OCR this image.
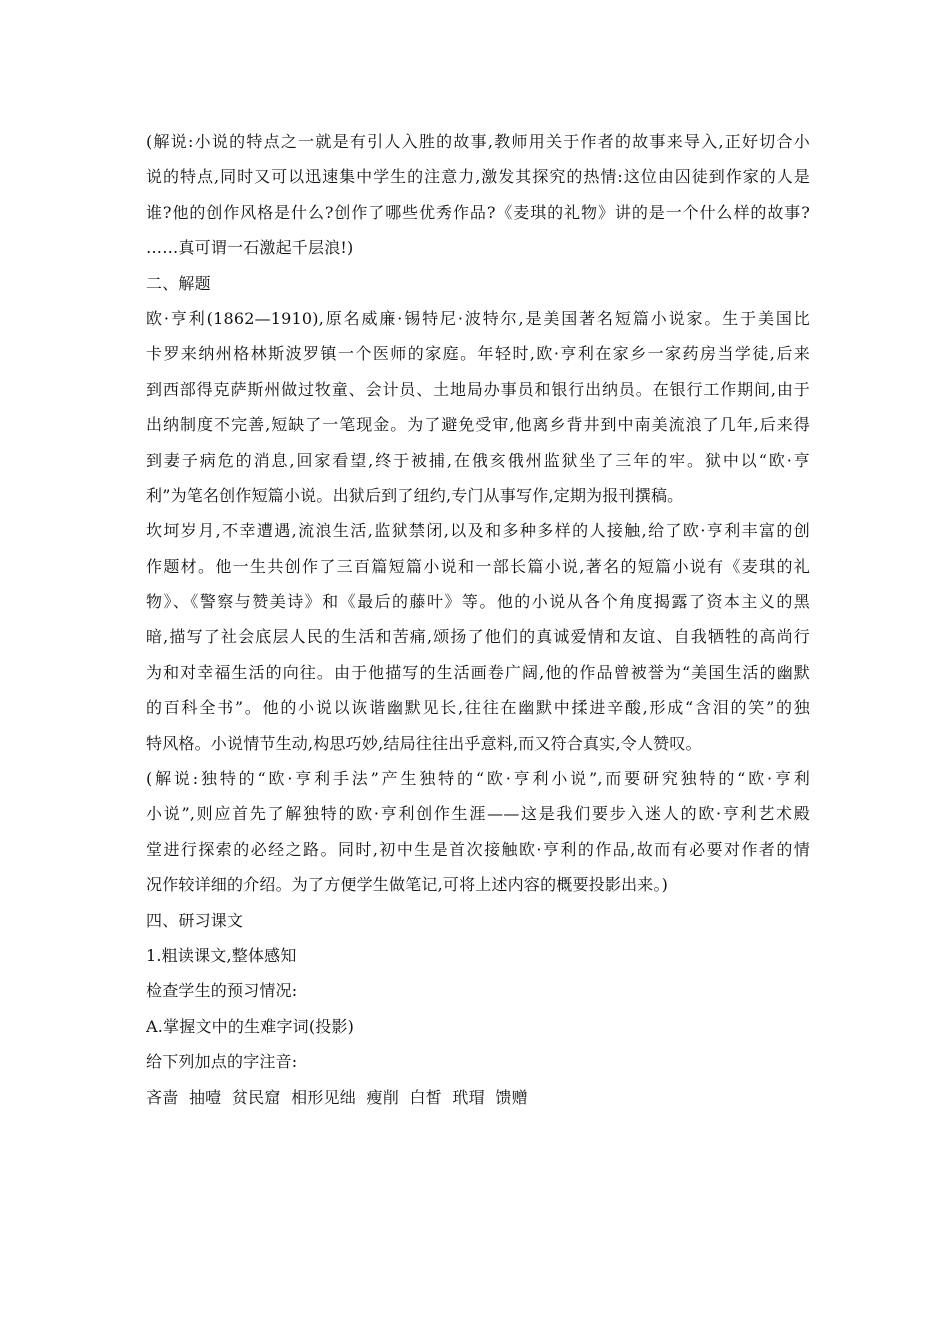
(解说:小说的特点之一就是有引人入胜的故事,教师用关于作者的故事来导入,正好切合小
说的特点,同时又可以迅速集中学生的注意力,激发其探究的热情:这位由囚徒到作家的人是
谁?他的创作风格是什么?创作了哪些优秀作品?《麦琪的礼物》讲的是一个什么样的故事?
……真可谓一石激起千层浪!)
二、解题
欧·亨利(1862—1910),原名威廉·锡特尼·波特尔,是美国著名短篇小说家。生于美国比
卡罗来纳州格林斯波罗镇一个医师的家庭。年轻时,欧·亨利在家乡一家药房当学徒,后来
到西部得克萨斯州做过牧童、会计员、土地局办事员和银行出纳员。在银行工作期间,由于
出纳制度不完善,短缺了一笔现金。为了避免受审,他离乡背井到中南美流浪了几年,后来得
到妻子病危的消息,回家看望,终于被捕,在俄亥俄州监狱坐了三年的牢。狱中以“欧·亨
利”为笔名创作短篇小说。出狱后到了纽约,专门从事写作,定期为报刊撰稿。
坎坷岁月,不幸遭遇,流浪生活,监狱禁闭,以及和多种多样的人接触,给了欧·亨利丰富的创
作题材。他一生共创作了三百篇短篇小说和一部长篇小说,著名的短篇小说有《麦琪的礼
物》、《警察与赞美诗》和《最后的藤叶》等。他的小说从各个角度揭露了资本主义的黑
暗,描写了社会底层人民的生活和苦痛,颂扬了他们的真诚爱情和友谊、自我牺牲的高尚行
为和对幸福生活的向往。由于他描写的生活画卷广阔,他的作品曾被誉为“美国生活的幽默
的百科全书”。他的小说以诙谐幽默见长,往往在幽默中揉进辛酸,形成“含泪的笑”的独
特风格。小说情节生动,构思巧妙,结局往往出乎意料,而又符合真实,令人赞叹。
(解说:独特的“欧·亨利手法”产生独特的“欧·亨利小说”,而要研究独特的“欧·亨利
小说”,则应首先了解独特的欧·亨利创作生涯——这是我们要步入迷人的欧·亨利艺术殿
堂进行探索的必经之路。同时,初中生是首次接触欧·亨利的作品,故而有必要对作者的情
况作较详细的介绍。为了方便学生做笔记,可将上述内容的概要投影出来。)
四、研习课文
1.粗读课文,整体感知
检查学生的预习情况:
A.掌握文中的生难字词(投影)
给下列加点的字注音:
吝啬  抽噎  贫民窟  相形见绌  瘦削  白皙  玳瑁  馈赠
